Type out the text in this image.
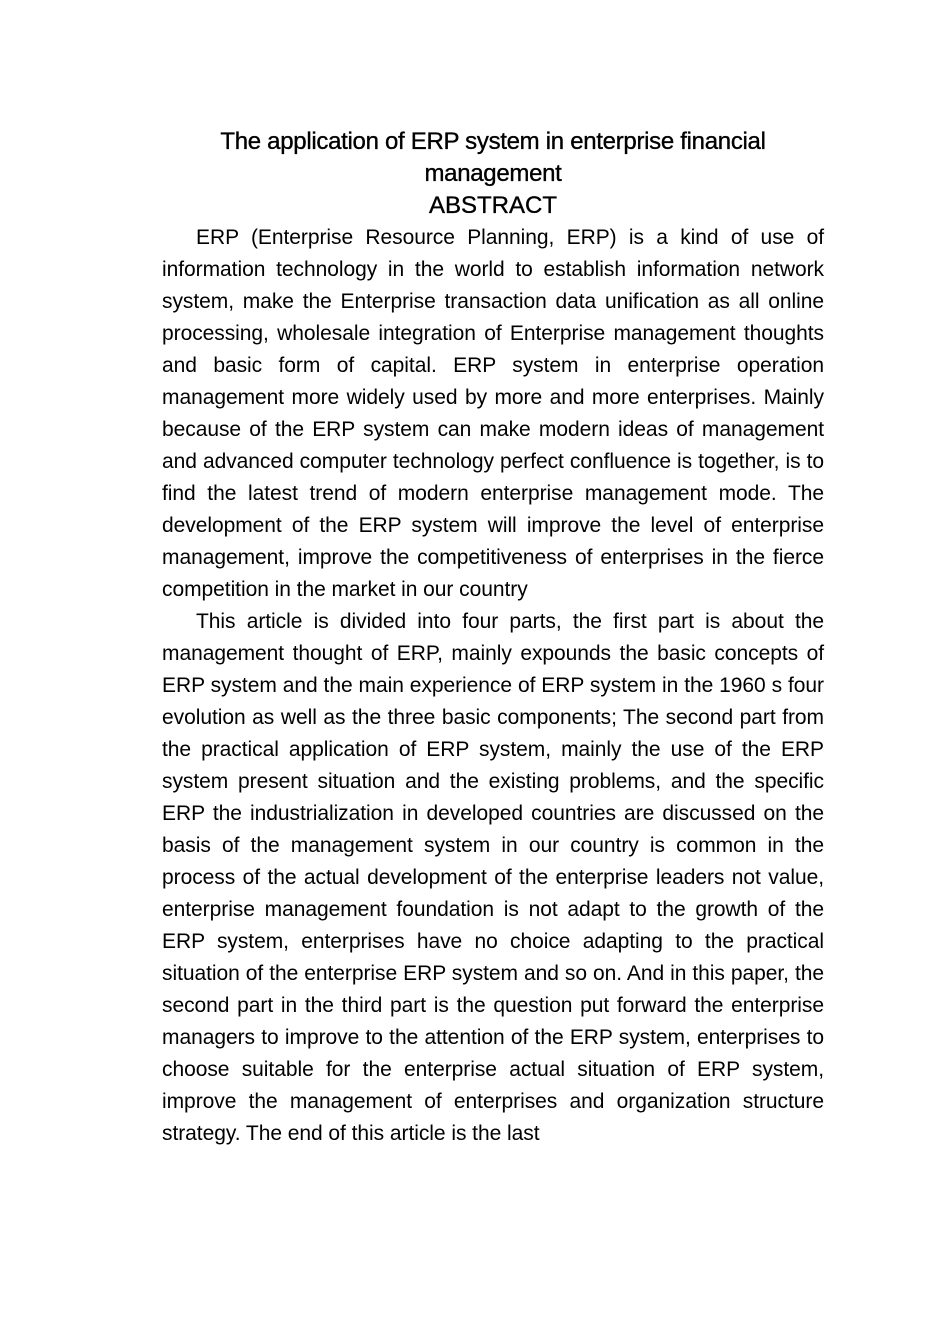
The application of ERP system in enterprise financial management
ABSTRACT

ERP (Enterprise Resource Planning, ERP) is a kind of use of information technology in the world to establish information network system, make the Enterprise transaction data unification as all online processing, wholesale integration of Enterprise management thoughts and basic form of capital. ERP system in enterprise operation management more widely used by more and more enterprises. Mainly because of the ERP system can make modern ideas of management and advanced computer technology perfect confluence is together, is to find the latest trend of modern enterprise management mode. The development of the ERP system will improve the level of enterprise management, improve the competitiveness of enterprises in the fierce competition in the market in our country

This article is divided into four parts, the first part is about the management thought of ERP, mainly expounds the basic concepts of ERP system and the main experience of ERP system in the 1960 s four evolution as well as the three basic components; The second part from the practical application of ERP system, mainly the use of the ERP system present situation and the existing problems, and the specific ERP the industrialization in developed countries are discussed on the basis of the management system in our country is common in the process of the actual development of the enterprise leaders not value, enterprise management foundation is not adapt to the growth of the ERP system, enterprises have no choice adapting to the practical situation of the enterprise ERP system and so on. And in this paper, the second part in the third part is the question put forward the enterprise managers to improve to the attention of the ERP system, enterprises to choose suitable for the enterprise actual situation of ERP system, improve the management of enterprises and organization structure strategy. The end of this article is the last
